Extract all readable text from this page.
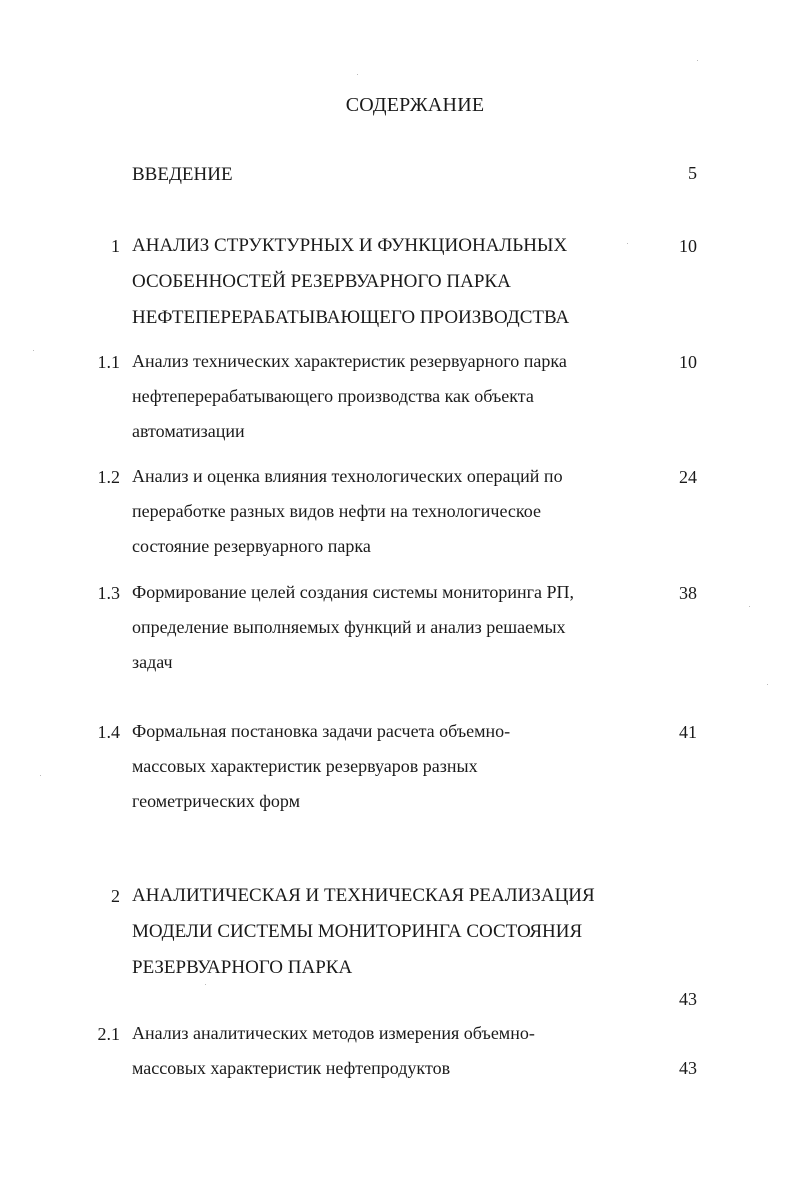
СОДЕРЖАНИЕ
ВВЕДЕНИЕ	5
1 АНАЛИЗ СТРУКТУРНЫХ И ФУНКЦИОНАЛЬНЫХ
ОСОБЕННОСТЕЙ РЕЗЕРВУАРНОГО ПАРКА
НЕФТЕПЕРЕРАБАТЫВАЮЩЕГО ПРОИЗВОДСТВА
10
1.1 Анализ технических характеристик резервуарного парка
нефтеперерабатывающего производства как объекта
автоматизации
10
1.2 Анализ и оценка влияния технологических операций по
переработке разных видов нефти на технологическое
состояние резервуарного парка
24
1.3 Формирование целей создания системы мониторинга РП,
определение выполняемых функций и анализ решаемых
задач
38
1.4 Формальная постановка задачи расчета объемно-
массовых характеристик резервуаров разных
геометрических форм
41
2 АНАЛИТИЧЕСКАЯ И ТЕХНИЧЕСКАЯ РЕАЛИЗАЦИЯ
МОДЕЛИ СИСТЕМЫ МОНИТОРИНГА СОСТОЯНИЯ
РЕЗЕРВУАРНОГО ПАРКА
43
2.1 Анализ аналитических методов измерения объемно-
массовых характеристик нефтепродуктов	43
